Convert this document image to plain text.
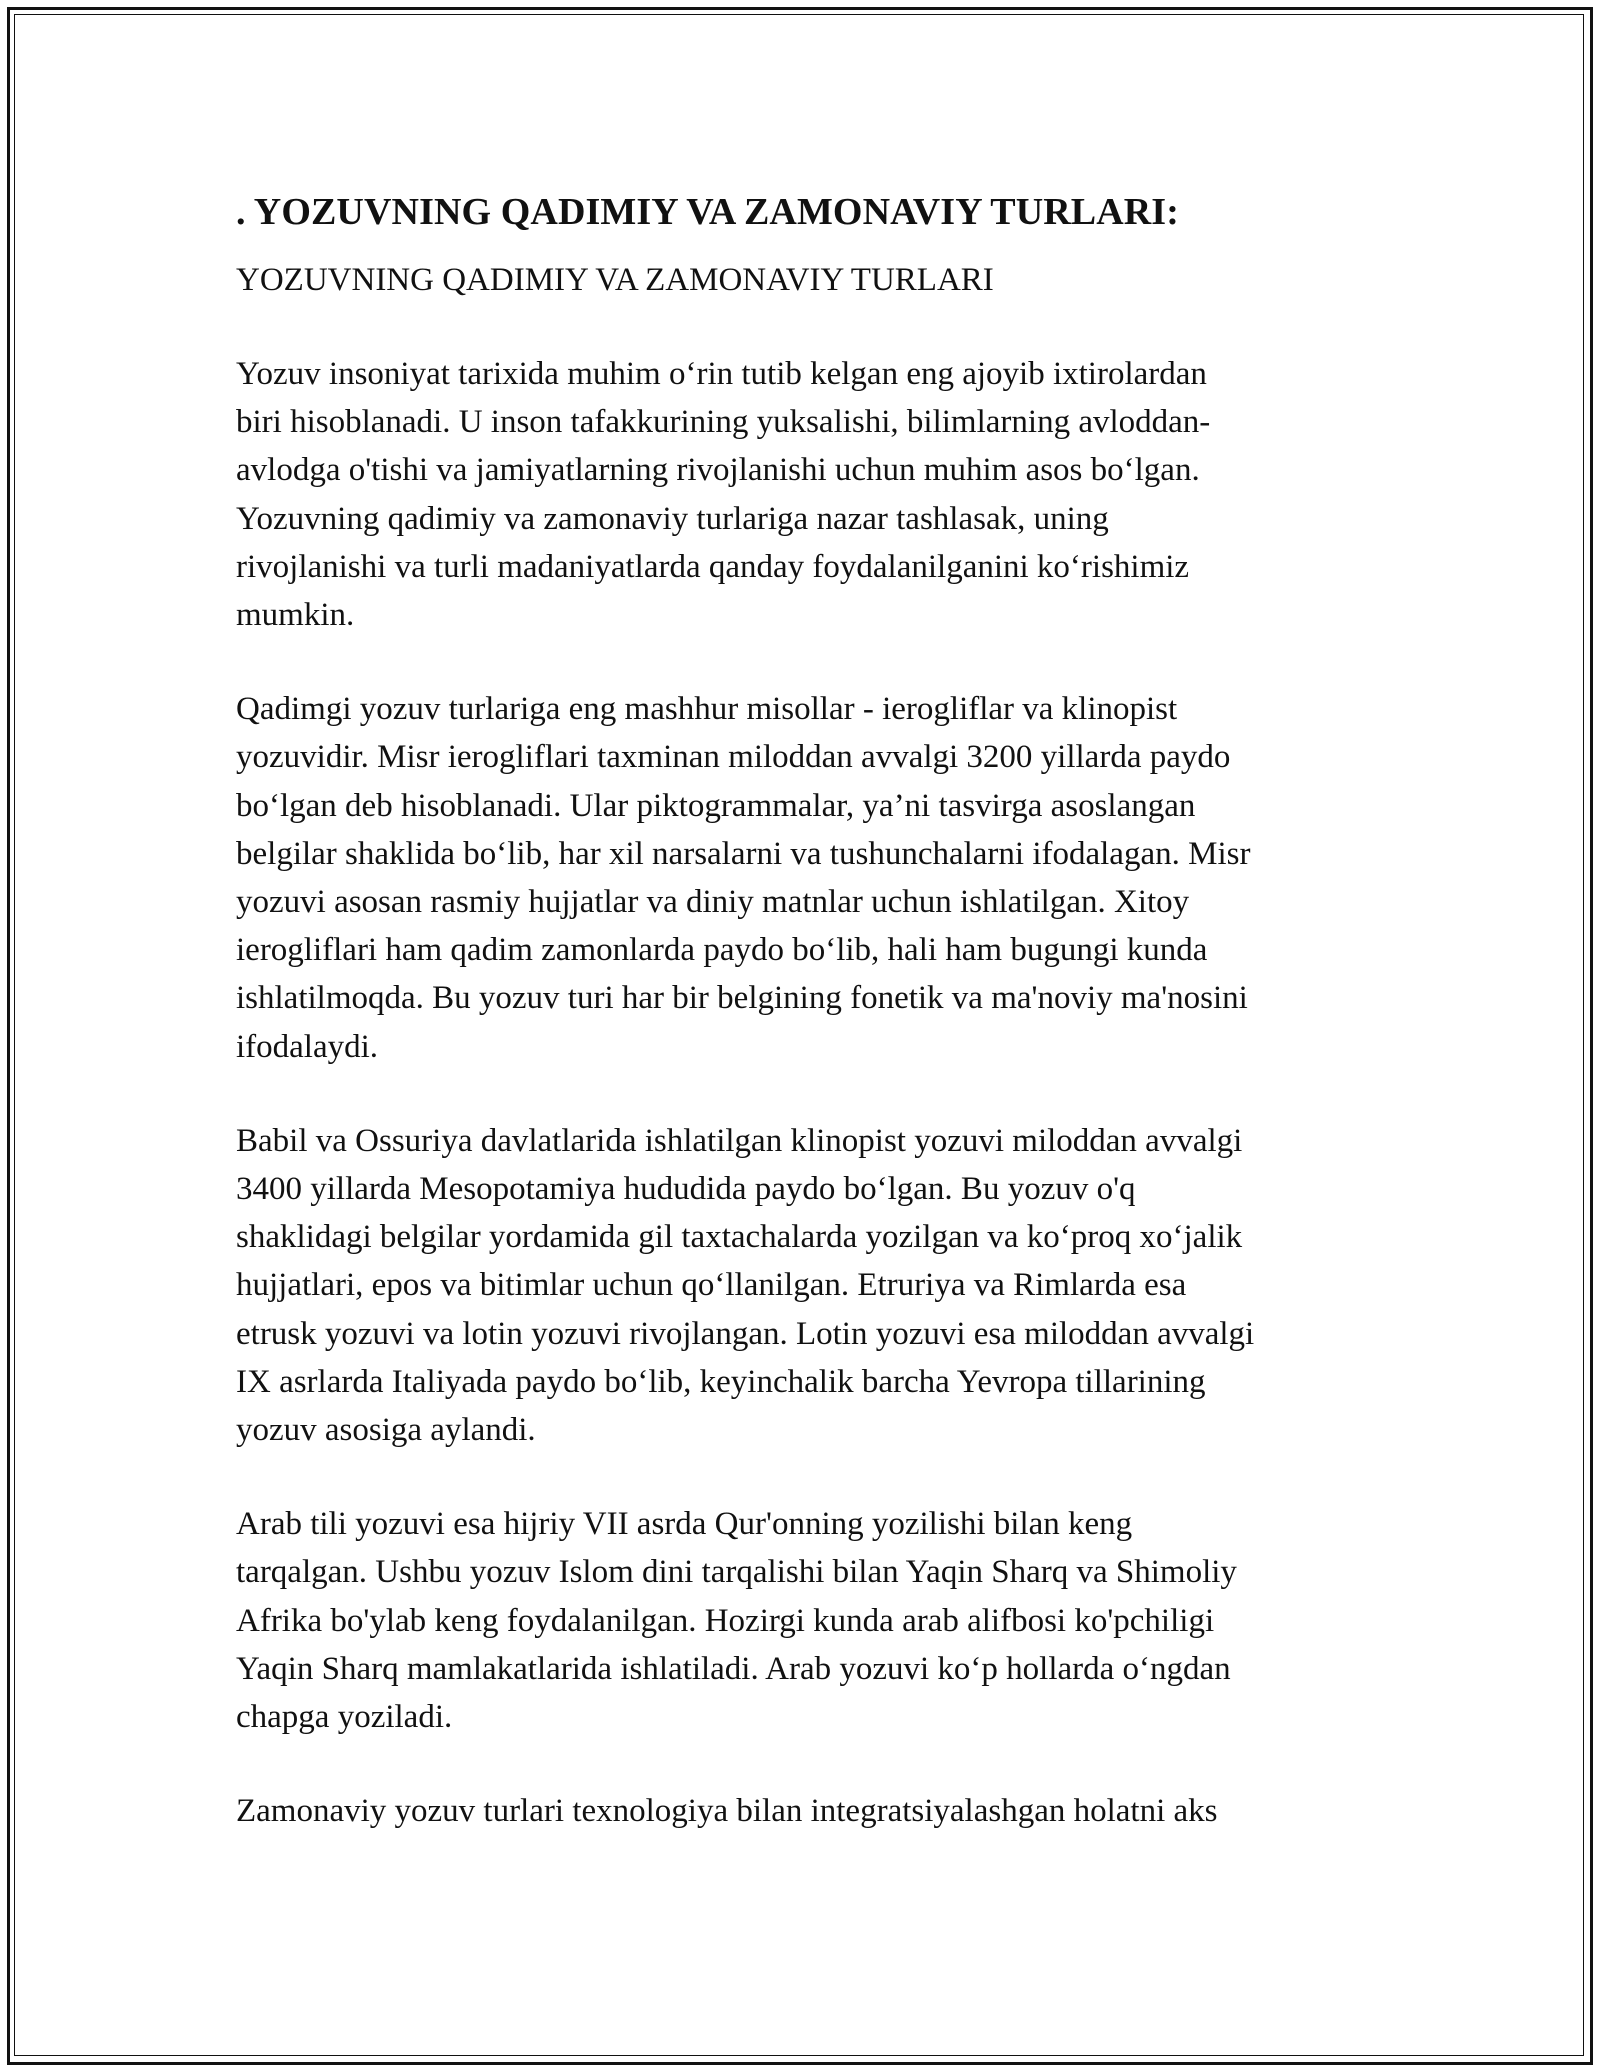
. YOZUVNING QADIMIY VA ZAMONAVIY TURLARI:
YOZUVNING QADIMIY VA ZAMONAVIY TURLARI

Yozuv insoniyat tarixida muhim o‘rin tutib kelgan eng ajoyib ixtirolardan
biri hisoblanadi. U inson tafakkurining yuksalishi, bilimlarning avloddan-
avlodga o'tishi va jamiyatlarning rivojlanishi uchun muhim asos bo‘lgan.
Yozuvning qadimiy va zamonaviy turlariga nazar tashlasak, uning
rivojlanishi va turli madaniyatlarda qanday foydalanilganini ko‘rishimiz
mumkin.

Qadimgi yozuv turlariga eng mashhur misollar - ierogliflar va klinopist
yozuvidir. Misr ierogliflari taxminan miloddan avvalgi 3200 yillarda paydo
bo‘lgan deb hisoblanadi. Ular piktogrammalar, ya’ni tasvirga asoslangan
belgilar shaklida bo‘lib, har xil narsalarni va tushunchalarni ifodalagan. Misr
yozuvi asosan rasmiy hujjatlar va diniy matnlar uchun ishlatilgan. Xitoy
ierogliflari ham qadim zamonlarda paydo bo‘lib, hali ham bugungi kunda
ishlatilmoqda. Bu yozuv turi har bir belgining fonetik va ma'noviy ma'nosini
ifodalaydi.

Babil va Ossuriya davlatlarida ishlatilgan klinopist yozuvi miloddan avvalgi
3400 yillarda Mesopotamiya hududida paydo bo‘lgan. Bu yozuv o'q
shaklidagi belgilar yordamida gil taxtachalarda yozilgan va ko‘proq xo‘jalik
hujjatlari, epos va bitimlar uchun qo‘llanilgan. Etruriya va Rimlarda esa
etrusk yozuvi va lotin yozuvi rivojlangan. Lotin yozuvi esa miloddan avvalgi
IX asrlarda Italiyada paydo bo‘lib, keyinchalik barcha Yevropa tillarining
yozuv asosiga aylandi.

Arab tili yozuvi esa hijriy VII asrda Qur'onning yozilishi bilan keng
tarqalgan. Ushbu yozuv Islom dini tarqalishi bilan Yaqin Sharq va Shimoliy
Afrika bo'ylab keng foydalanilgan. Hozirgi kunda arab alifbosi ko'pchiligi
Yaqin Sharq mamlakatlarida ishlatiladi. Arab yozuvi ko‘p hollarda o‘ngdan
chapga yoziladi.

Zamonaviy yozuv turlari texnologiya bilan integratsiyalashgan holatni aks
